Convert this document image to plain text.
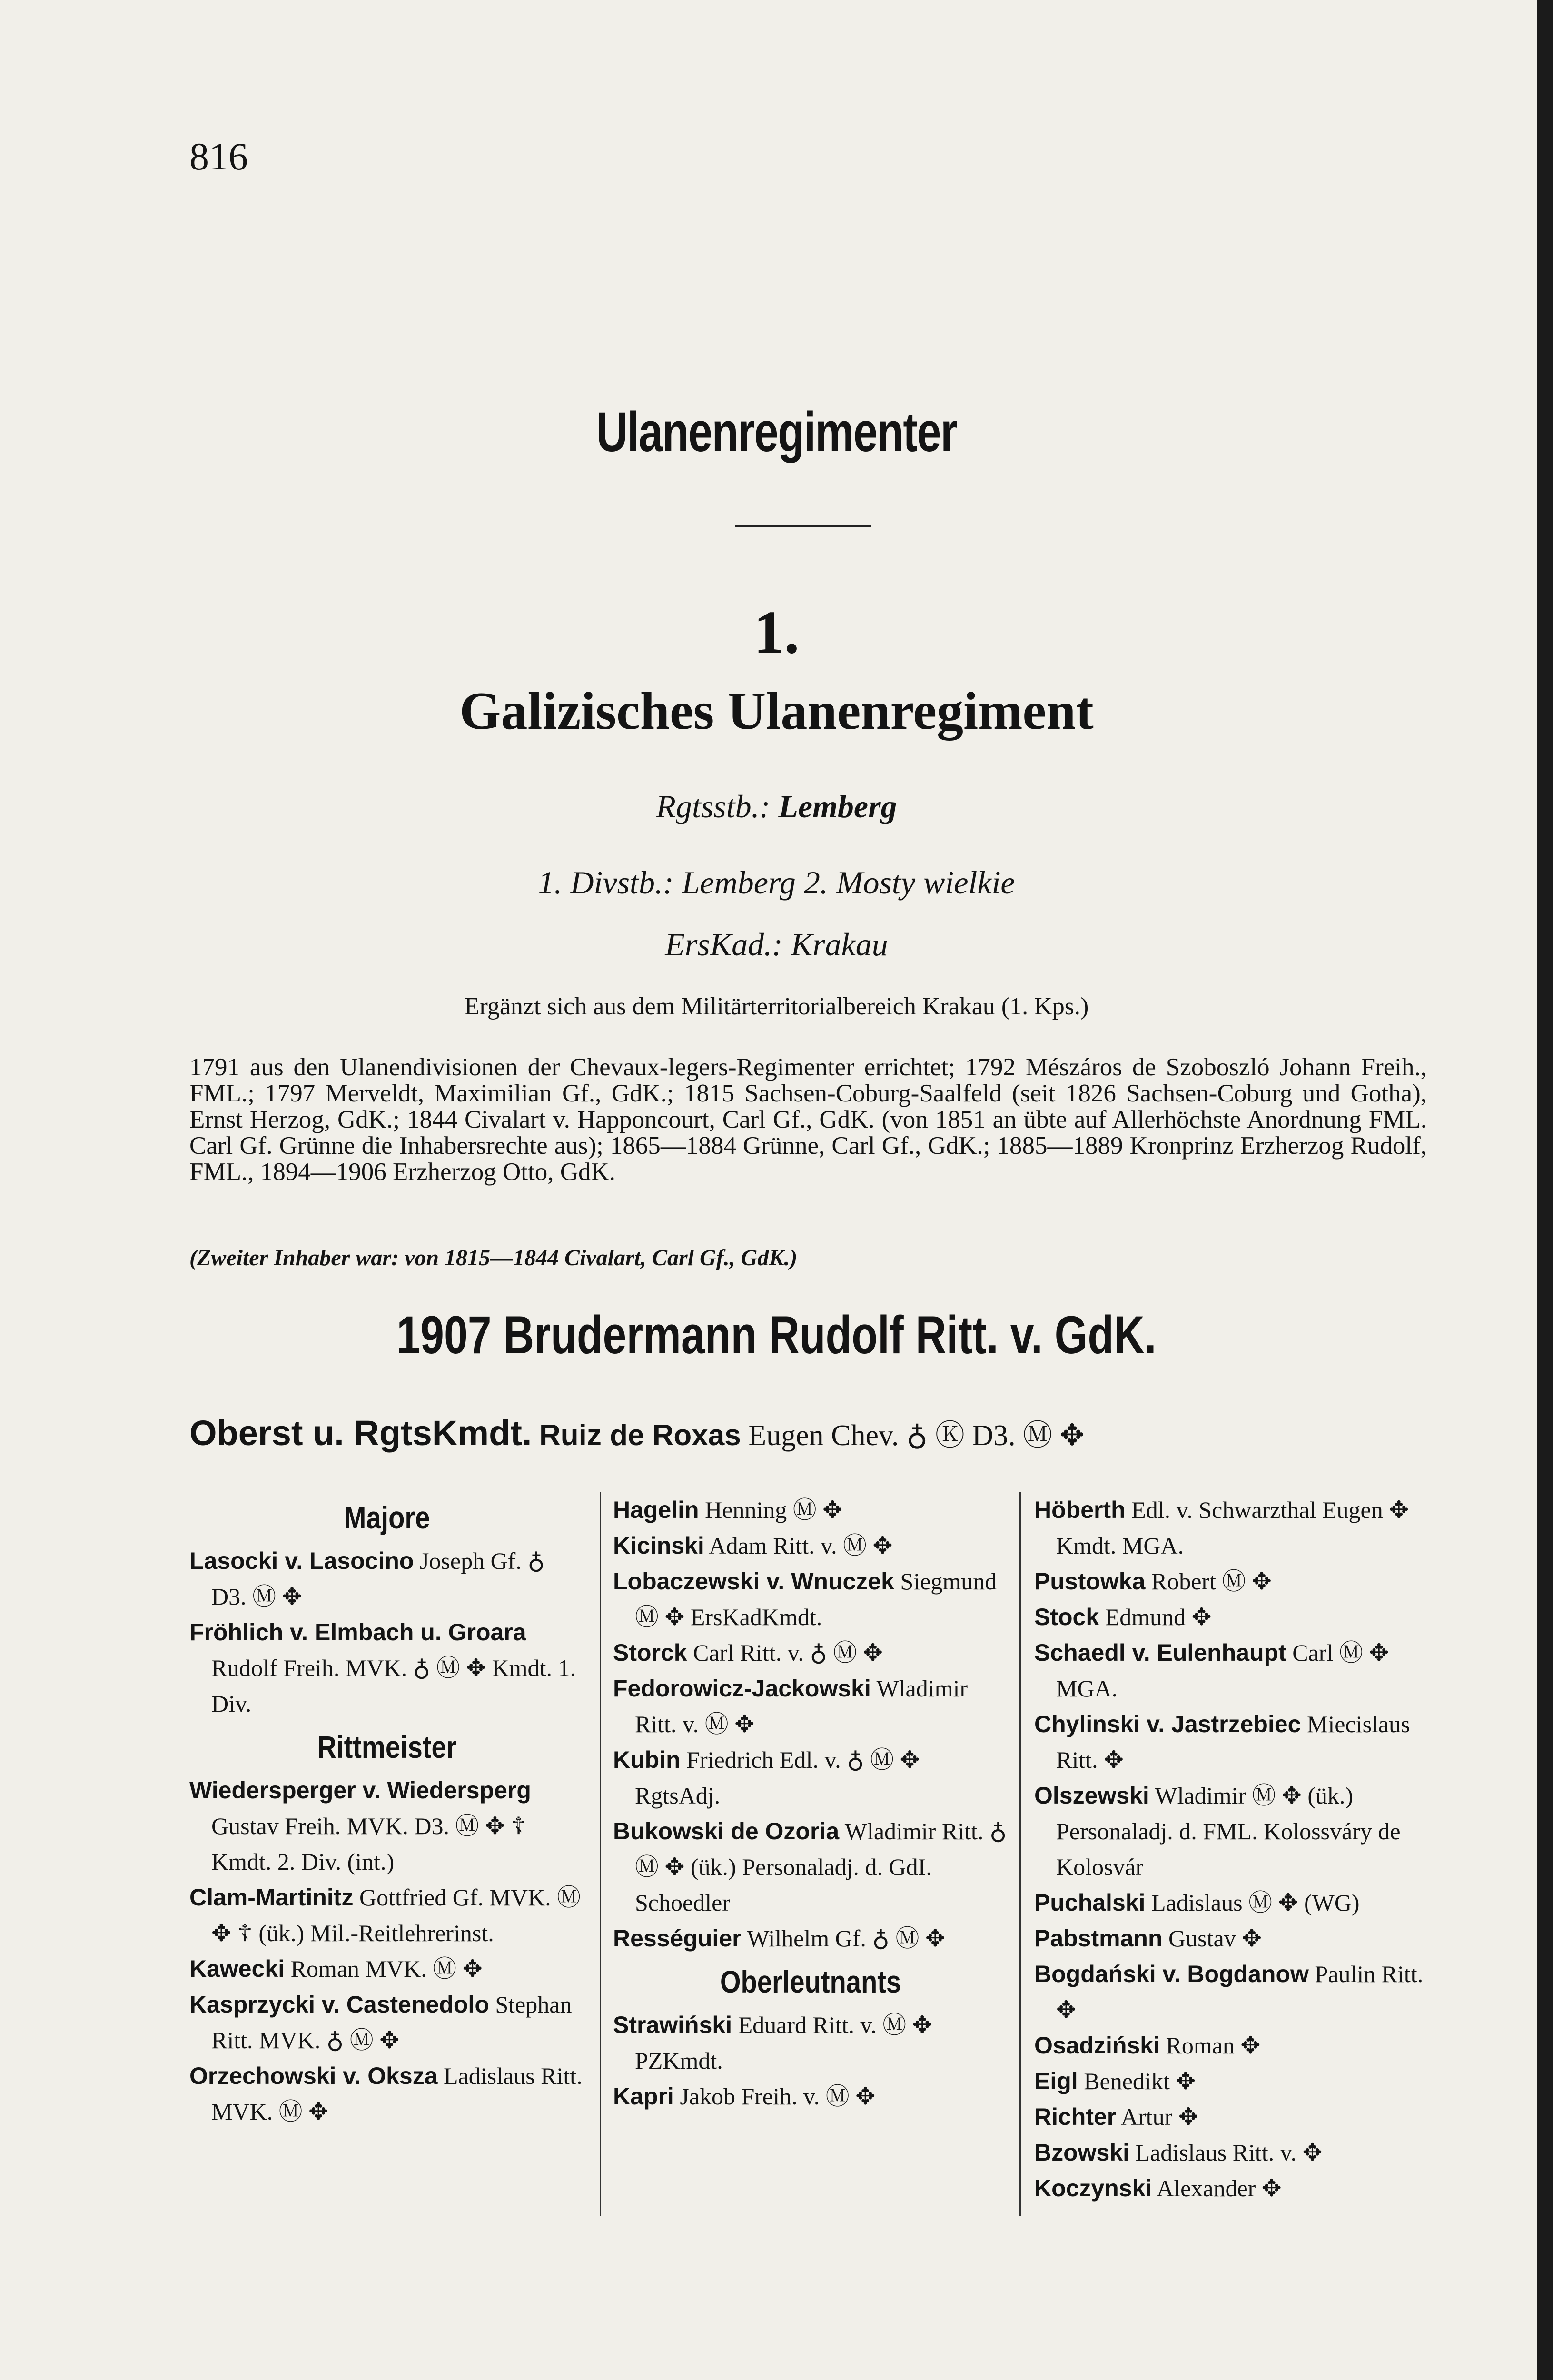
816
Ulanenregimenter
1.
Galizisches Ulanenregiment
Rgtsstb.: Lemberg
1. Divstb.: Lemberg 2. Mosty wielkie
ErsKad.: Krakau
Ergänzt sich aus dem Militärterritorialbereich Krakau (1. Kps.)
1791 aus den Ulanendivisionen der Chevaux-legers-Regimenter errichtet; 1792 Mészáros de Szoboszló Johann Freih., FML.; 1797 Merveldt, Maximilian Gf., GdK.; 1815 Sachsen-Coburg-Saalfeld (seit 1826 Sachsen-Coburg und Gotha), Ernst Herzog, GdK.; 1844 Civalart v. Happoncourt, Carl Gf., GdK. (von 1851 an übte auf Allerhöchste Anordnung FML. Carl Gf. Grünne die Inhabersrechte aus); 1865—1884 Grünne, Carl Gf., GdK.; 1885—1889 Kronprinz Erzherzog Rudolf, FML., 1894—1906 Erzherzog Otto, GdK.
(Zweiter Inhaber war: von 1815—1844 Civalart, Carl Gf., GdK.)
1907 Brudermann Rudolf Ritt. v. GdK.
Oberst u. RgtsKmdt. Ruiz de Roxas Eugen Chev. ♁ Ⓚ D3. Ⓜ ✥
Majore

Lasocki v. Lasocino Joseph Gf. ♁ D3. Ⓜ ✥

Fröhlich v. Elmbach u. Groara Rudolf Freih. MVK. ♁ Ⓜ ✥ Kmdt. 1. Div.

Rittmeister

Wiedersperger v. Wiedersperg Gustav Freih. MVK. D3. Ⓜ ✥ ☦ Kmdt. 2. Div. (int.)

Clam-Martinitz Gottfried Gf. MVK. Ⓜ ✥ ☦ (ük.) Mil.-Reitlehrerinst.

Kawecki Roman MVK. Ⓜ ✥

Kasprzycki v. Castenedolo Stephan Ritt. MVK. ♁ Ⓜ ✥

Orzechowski v. Oksza Ladislaus Ritt. MVK. Ⓜ ✥

Hagelin Henning Ⓜ ✥

Kicinski Adam Ritt. v. Ⓜ ✥

Lobaczewski v. Wnuczek Siegmund Ⓜ ✥ ErsKadKmdt.

Storck Carl Ritt. v. ♁ Ⓜ ✥

Fedorowicz-Jackowski Wladimir Ritt. v. Ⓜ ✥

Kubin Friedrich Edl. v. ♁ Ⓜ ✥ RgtsAdj.

Bukowski de Ozoria Wladimir Ritt. ♁ Ⓜ ✥ (ük.) Personaladj. d. GdI. Schoedler

Rességuier Wilhelm Gf. ♁ Ⓜ ✥

Oberleutnants

Strawiński Eduard Ritt. v. Ⓜ ✥ PZKmdt.

Kapri Jakob Freih. v. Ⓜ ✥

Höberth Edl. v. Schwarzthal Eugen ✥ Kmdt. MGA.

Pustowka Robert Ⓜ ✥

Stock Edmund ✥

Schaedl v. Eulenhaupt Carl Ⓜ ✥ MGA.

Chylinski v. Jastrzebiec Miecislaus Ritt. ✥

Olszewski Wladimir Ⓜ ✥ (ük.) Personaladj. d. FML. Kolossváry de Kolosvár

Puchalski Ladislaus Ⓜ ✥ (WG)

Pabstmann Gustav ✥

Bogdański v. Bogdanow Paulin Ritt. ✥

Osadziński Roman ✥

Eigl Benedikt ✥

Richter Artur ✥

Bzowski Ladislaus Ritt. v. ✥

Koczynski Alexander ✥
